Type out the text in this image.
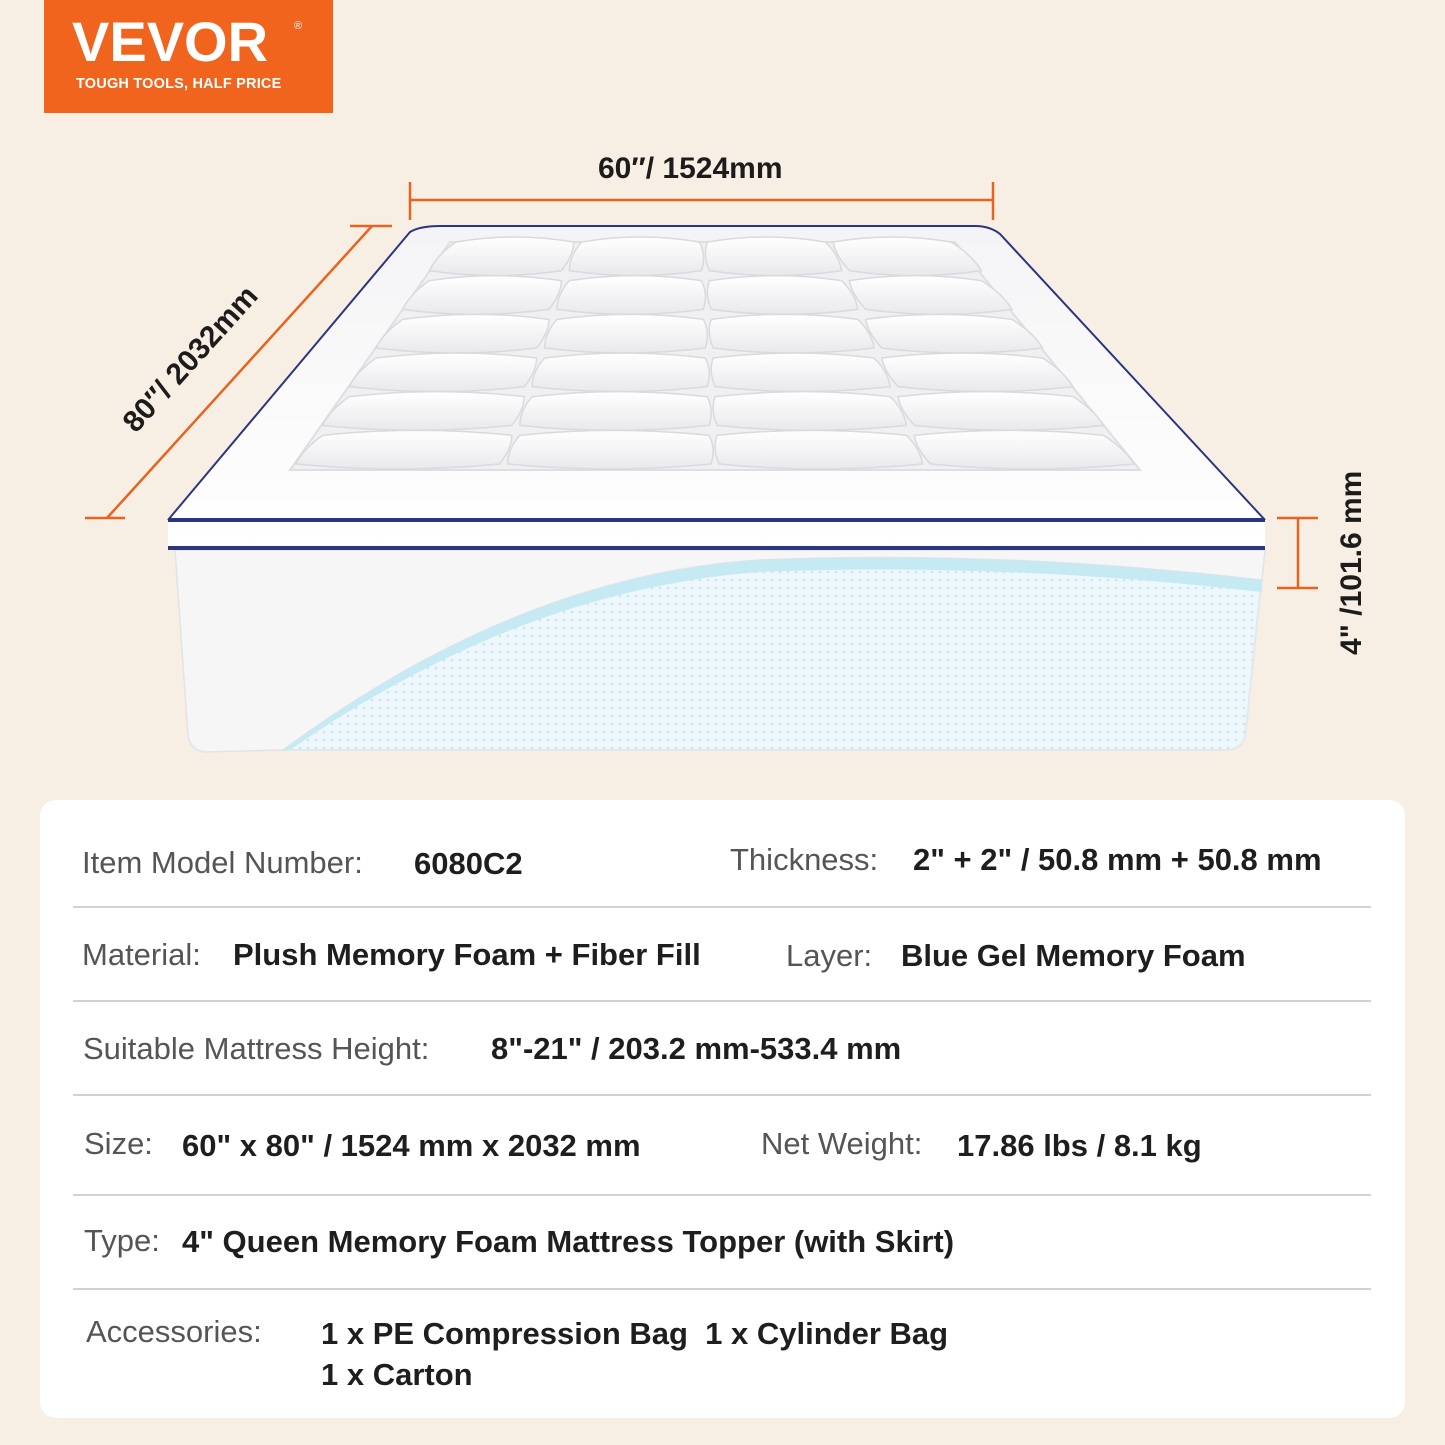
VEVOR ®
TOUGH TOOLS, HALF PRICE
60″/ 1524mm
80″/ 2032mm
4" /101.6 mm
Item Model Number: 6080C2	Thickness: 2" + 2" / 50.8 mm + 50.8 mm
Material: Plush Memory Foam + Fiber Fill	Layer: Blue Gel Memory Foam
Suitable Mattress Height: 8"-21" / 203.2 mm-533.4 mm
Size: 60" x 80" / 1524 mm x 2032 mm	Net Weight: 17.86 lbs / 8.1 kg
Type: 4" Queen Memory Foam Mattress Topper (with Skirt)
Accessories: 1 x PE Compression Bag  1 x Cylinder Bag
1 x Carton
